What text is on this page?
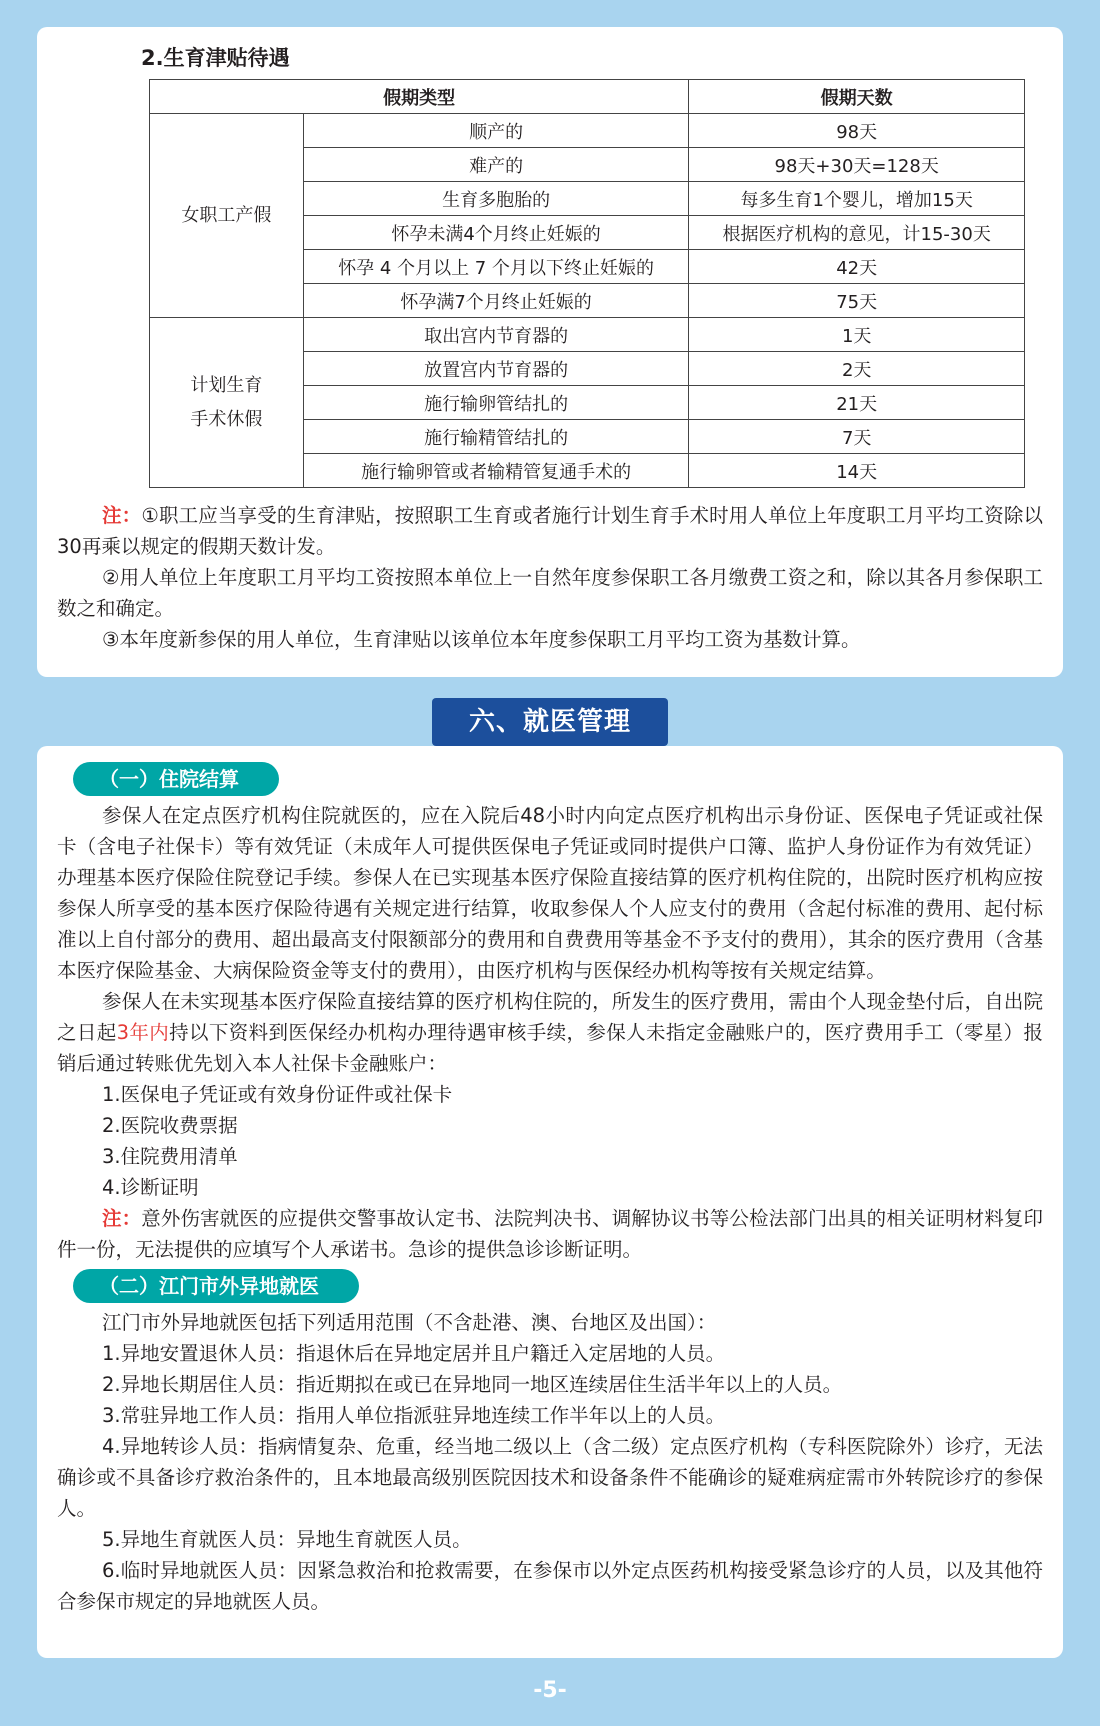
2.生育津贴待遇
假期类型		假期天数
女职工产假	顺产的	98天
	难产的	98天+30天=128天
	生育多胞胎的	每多生育1个婴儿，增加15天
	怀孕未满4个月终止妊娠的	根据医疗机构的意见，计15-30天
	怀孕 4 个月以上 7 个月以下终止妊娠的	42天
	怀孕满7个月终止妊娠的	75天
计划生育
手术休假	取出宫内节育器的	1天
	放置宫内节育器的	2天
	施行输卵管结扎的	21天
	施行输精管结扎的	7天
	施行输卵管或者输精管复通手术的	14天

注：①职工应当享受的生育津贴，按照职工生育或者施行计划生育手术时用人单位上年度职工月平均工资除以30再乘以规定的假期天数计发。

②用人单位上年度职工月平均工资按照本单位上一自然年度参保职工各月缴费工资之和，除以其各月参保职工数之和确定。

③本年度新参保的用人单位，生育津贴以该单位本年度参保职工月平均工资为基数计算。

六、就医管理
（一）住院结算

参保人在定点医疗机构住院就医的，应在入院后48小时内向定点医疗机构出示身份证、医保电子凭证或社保卡（含电子社保卡）等有效凭证（未成年人可提供医保电子凭证或同时提供户口簿、监护人身份证作为有效凭证）办理基本医疗保险住院登记手续。参保人在已实现基本医疗保险直接结算的医疗机构住院的，出院时医疗机构应按参保人所享受的基本医疗保险待遇有关规定进行结算，收取参保人个人应支付的费用（含起付标准的费用、起付标准以上自付部分的费用、超出最高支付限额部分的费用和自费费用等基金不予支付的费用），其余的医疗费用（含基本医疗保险基金、大病保险资金等支付的费用），由医疗机构与医保经办机构等按有关规定结算。

参保人在未实现基本医疗保险直接结算的医疗机构住院的，所发生的医疗费用，需由个人现金垫付后，自出院之日起3年内持以下资料到医保经办机构办理待遇审核手续，参保人未指定金融账户的，医疗费用手工（零星）报销后通过转账优先划入本人社保卡金融账户：

1.医保电子凭证或有效身份证件或社保卡

2.医院收费票据

3.住院费用清单

4.诊断证明

注：意外伤害就医的应提供交警事故认定书、法院判决书、调解协议书等公检法部门出具的相关证明材料复印件一份，无法提供的应填写个人承诺书。急诊的提供急诊诊断证明。

（二）江门市外异地就医

江门市外异地就医包括下列适用范围（不含赴港、澳、台地区及出国）：

1.异地安置退休人员：指退休后在异地定居并且户籍迁入定居地的人员。

2.异地长期居住人员：指近期拟在或已在异地同一地区连续居住生活半年以上的人员。

3.常驻异地工作人员：指用人单位指派驻异地连续工作半年以上的人员。

4.异地转诊人员：指病情复杂、危重，经当地二级以上（含二级）定点医疗机构（专科医院除外）诊疗，无法确诊或不具备诊疗救治条件的，且本地最高级别医院因技术和设备条件不能确诊的疑难病症需市外转院诊疗的参保人。

5.异地生育就医人员：异地生育就医人员。

6.临时异地就医人员：因紧急救治和抢救需要，在参保市以外定点医药机构接受紧急诊疗的人员，以及其他符合参保市规定的异地就医人员。

-5-
